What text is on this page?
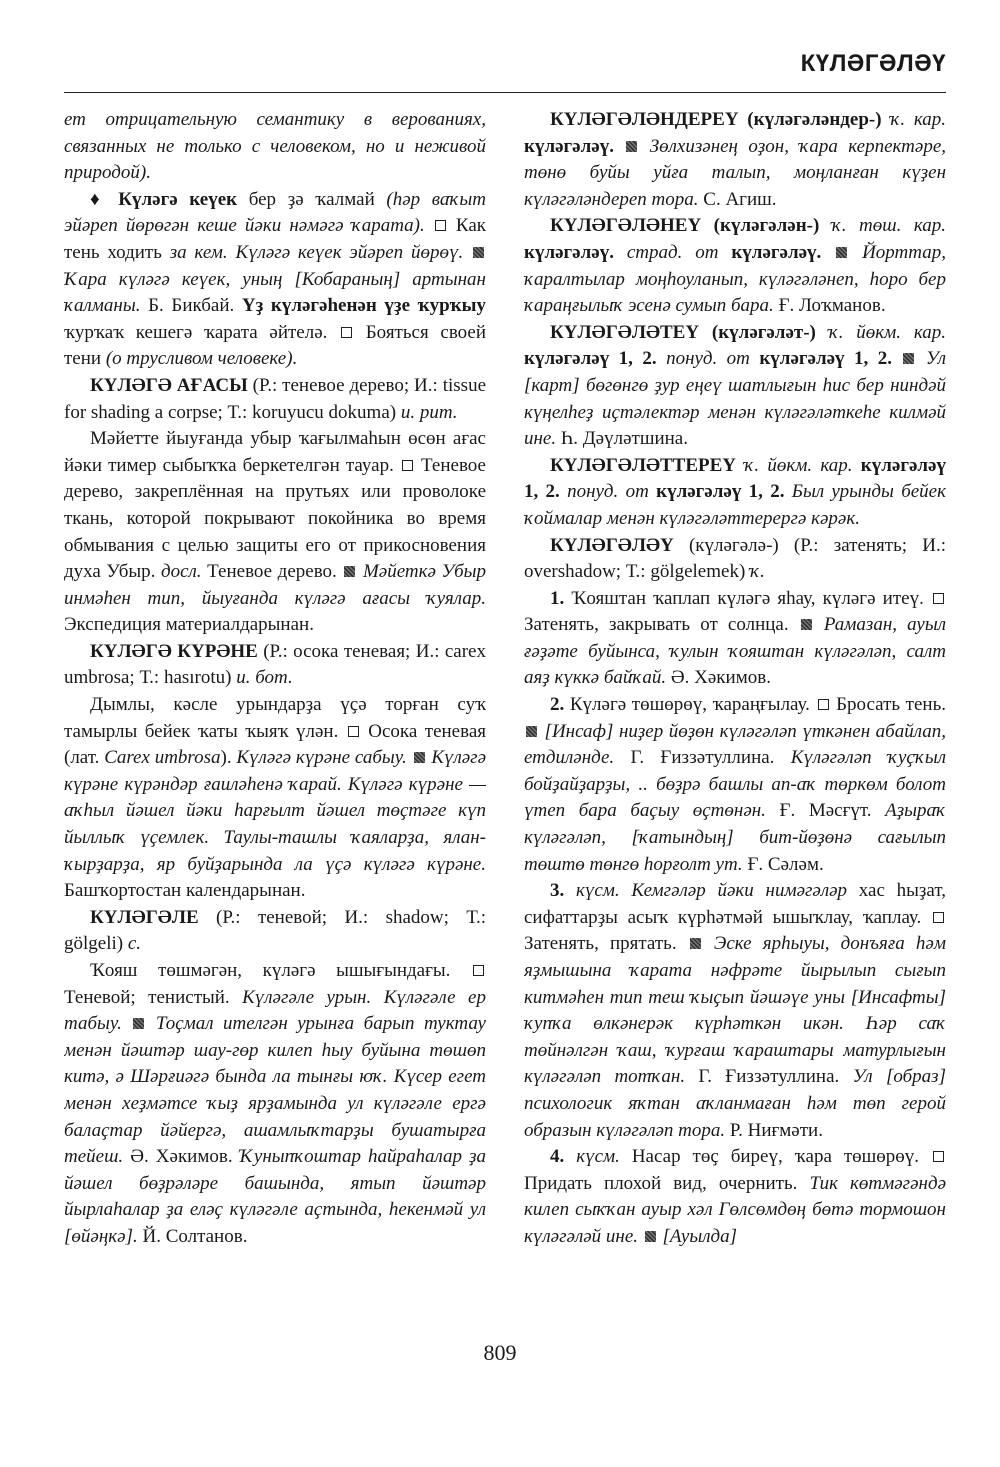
КҮЛӘГӘЛӘҮ

ет отрицательную семантику в верованиях, связанных не только с человеком, но и неживой природой).

♦ Күләгә кеүек бер ҙә ҡалмай (һәр ваҡыт эйәреп йөрөгән кеше йәки нәмәгә ҡарата).  Как тень ходить за кем. Күләгә кеүек эйәреп йөрөү.  Ҡара күләгә кеүек, уның [Кобараның] артынан ҡалманы. Б. Бикбай. Үҙ күләгәһенән үҙе ҡурҡыу ҡурҡаҡ кешегә ҡарата әйтелә.  Бояться своей тени (о трусливом человеке).

КҮЛӘГӘ АҒАСЫ (Р.: теневое дерево; И.: tissue for shading a corpse; Т.: koruyucu dokuma) и. рит.

Мәйетте йыуғанда убыр ҡағылмаһын өсөн ағас йәки тимер сыбыҡҡа беркетелгән тауар.  Теневое дерево, закреплённая на прутьях или проволоке ткань, которой покрывают покойника во время обмывания с целью защиты его от прикосновения духа Убыр. досл. Теневое дерево.  Мәйеткә Убыр инмәһен тип, йыуғанда күләгә ағасы ҡуялар. Экспедиция материалдарынан.

КҮЛӘГӘ КҮРӘНЕ (Р.: осока теневая; И.: carex umbrosa; Т.: hasırotu) и. бот.

Дымлы, кәслe урындарҙа үҫә торған суҡ тамырлы бейек ҡаты ҡыяҡ үлән.  Осока теневая (лат. Carex umbrosa). Күләгә күрәне сабыу.  Күләгә күрәне күрәндәр ғаиләһенә ҡарай. Күләгә күрәне — аҡһыл йәшел йәки һарғылт йәшел төҫтәге күп йыллыҡ үҫемлек. Таулы-ташлы ҡаяларҙа, ялан-ҡырҙарҙа, яр буйҙарында ла үҫә күләгә күрәне. Башҡортостан календарынан.

КҮЛӘГӘЛЕ (Р.: теневой; И.: shadow; Т.: gölgeli) с.

Ҡояш төшмәгән, күләгә ышығындағы.  Теневой; тенистый. Күләгәле урын. Күләгәле ер табыу.  Тоҫмал ителгән урынға барып туктау менән йәштәр шау-гөр килеп һыу буйына төшөп китә, ә Шәрғиәгә бында ла тынғы юҡ. Күсер егет менән хеҙмәтсе ҡыҙ ярҙамында ул күләгәле ергә балаҫтар йәйергә, ашамлыҡтарҙы бушатырға тейеш. Ә. Хәкимов. Ҡуныпҡоштар һайраһалар ҙа йәшел бөҙрәләре башында, ятып йәштәр йырлаһалар ҙа еләҫ күләгәле аҫтында, һекенмәй ул [өйәңкә]. Й. Солтанов.

КҮЛӘГӘЛӘНДЕРЕҮ (күләгәләндер-) ҡ. кар. күләгәләү.  Зөлхизәнең оҙон, ҡара керпектәре, төнө буйы уйға талып, моңланған күҙен күләгәләндереп тора. С. Агиш.

КҮЛӘГӘЛӘНЕҮ (күләгәлән-) ҡ. төш. кар. күләгәләү. страд. от күләгәләү.  Йорттар, ҡаралтылар моңһоуланып, күләгәләнеп, һоро бер ҡараңғылыҡ эсенә сумып бара. Ғ. Лоҡманов.

КҮЛӘГӘЛӘТЕҮ (күләгәләт-) ҡ. йөкм. кар. күләгәләү 1, 2. понуд. от күләгәләү 1, 2.  Ул [карт] бөгөнгө ҙур еңеү шатлығын һис бер ниндәй күңелһеҙ иҫтәлектәр менән күләгәләткеһе килмәй ине. Һ. Дәүләтшина.

КҮЛӘГӘЛӘТТЕРЕҮ ҡ. йөкм. кар. күләгәләү 1, 2. понуд. от күләгәләү 1, 2. Был урынды бейек ҡоймалар менән күләгәләттерергә кәрәк.

КҮЛӘГӘЛӘҮ (күләгәлә-) (Р.: затенять; И.: overshadow; Т.: gölgelemek) ҡ.

1. Ҡояштан ҡаплап күләгә яһау, күләгә итеү.  Затенять, закрывать от солнца.  Рамазан, ауыл ғәҙәте буйынса, ҡулын ҡояштан күләгәләп, салт аяҙ күккә байҡай. Ә. Хәкимов.

2. Күләгә төшөрөү, ҡараңғылау.  Бросать тень.  [Инсаф] ниҙер йөҙөн күләгәләп үткәнен абайлап, етдиләнде. Г. Ғиззәтуллина. Күләгәләп ҡуҫҡыл бойҙайҙарҙы, .. бөҙрә башлы ап-аҡ төркөм болот үтеп бара баҫыу өҫтөнән. Ғ. Мәсғүт. Аҙыраҡ күләгәләп, [ҡатындың] бит-йөҙөнә сағылып төштө төнгө һорғолт ут. Ғ. Сәләм.

3. күсм. Кемгәләр йәки нимәгәләр хас һыҙат, сифаттарҙы асыҡ күрһәтмәй ышыҡлау, ҡаплау.  Затенять, прятать.  Эске ярһыуы, донъяға һәм яҙмышына ҡарата нәфрәте йырылып сығып китмәһен тип теш ҡыҫып йәшәүе уны [Инсафты] ҡупҡа өлкәнерәк күрһәткән икән. Һәр саҡ төйнәлгән ҡаш, ҡурғаш ҡараштары матурлығын күләгәләп тотҡан. Г. Ғиззәтуллина. Ул [образ] психологик яҡтан аҡланмаған һәм төп герой образын күләгәләп тора. Р. Ниғмәти.

4. күсм. Насар төҫ биреү, ҡара төшөрөү.  Придать плохой вид, очернить. Тик көтмәгәндә килеп сыҡҡан ауыр хәл Гөлсөмдөң бөтә тормошон күләгәләй ине.  [Ауылда]

809
